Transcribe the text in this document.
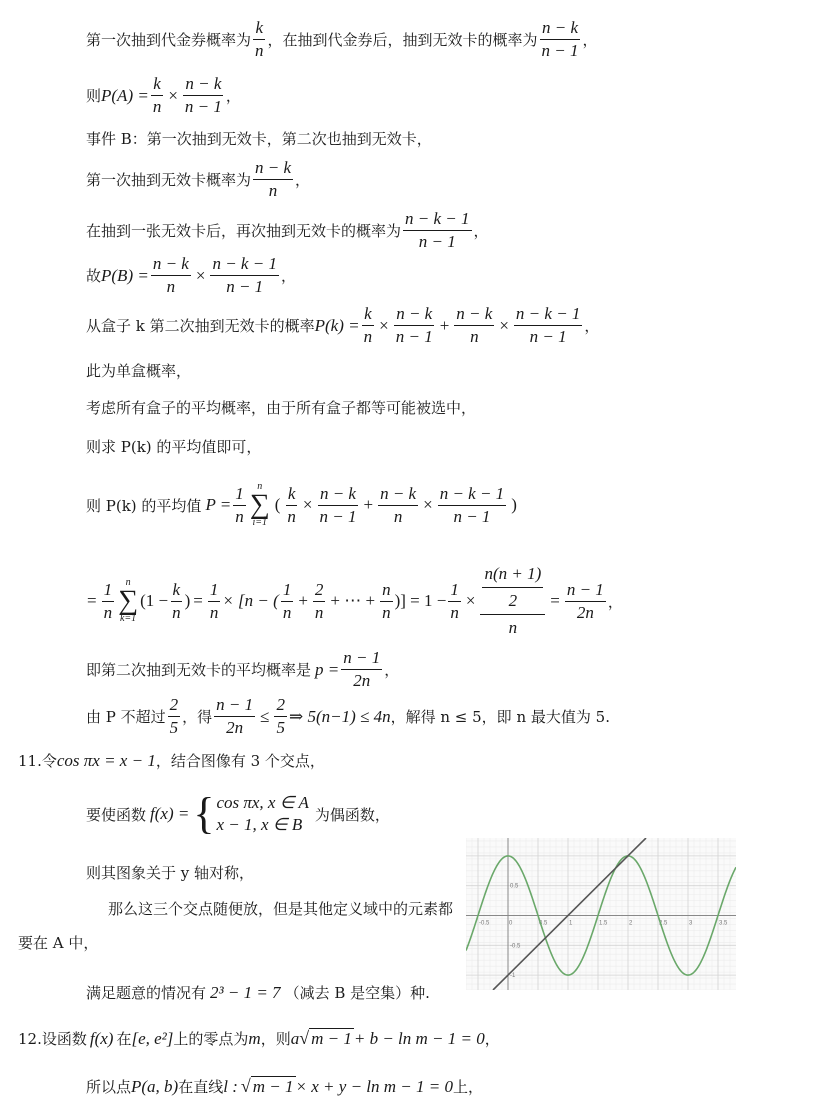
第一次抽到代金券概率为 $\frac{k}{n}$ ，在抽到代金券后，抽到无效卡的概率为 $\frac{n - k}{n - 1}$ ，
则 $P(A) = \frac{k}{n} \times \frac{n - k}{n - 1}$ ，
事件 B：第一次抽到无效卡，第二次也抽到无效卡，
第一次抽到无效卡概率为 $\frac{n - k}{n}$ ，
在抽到一张无效卡后，再次抽到无效卡的概率为 $\frac{n - k - 1}{n - 1}$ ，
故 $P(B) = \frac{n - k}{n} \times \frac{n - k - 1}{n - 1}$ ，
从盒子 k 第二次抽到无效卡的概率 $P(k) = \frac{k}{n} \times \frac{n - k}{n - 1} + \frac{n - k}{n} \times \frac{n - k - 1}{n - 1}$ ，
此为单盒概率，
考虑所有盒子的平均概率，由于所有盒子都等可能被选中，
则求 P(k) 的平均值即可，
则 P(k) 的平均值 $P = \frac{1}{n}$ n
∑
i=1
( $\frac{k}{n} \times \frac{n - k}{n - 1} + \frac{n - k}{n} \times \frac{n - k - 1}{n - 1}$ )
= $\frac{1}{n}$ n
∑
k=1
($1 - \frac{k}{n}$ ) = $\frac{1}{n} \times [n$ − ( $\frac{1}{n} + \frac{2}{n}$ + ⋯ + $\frac{n}{n}$ )] = $1 - \frac{1}{n} \times \frac{\frac{n(n + 1)}{2}}{n} = \frac{n - 1}{2n}$ ，
即第二次抽到无效卡的平均概率是 $p = \frac{n - 1}{2n}$ ，
由 P 不超过 $\frac{2}{5}$ ，得 $\frac{n - 1}{2n} \le \frac{2}{5}$ ⇒ 5(n−1) ≤ 4n ，解得 n ≤ 5，即 n 最大值为 5.
11.令 cos πx = x − 1 ，结合图像有 3 个交点，
要使函数 f(x) = { cos πx, x ∈ A
x − 1, x ∈ B
为偶函数，
则其图象关于 y 轴对称，
那么这三个交点随便放，但是其他定义域中的元素都
要在 A 中，
满足题意的情况有 2³ − 1 = 7 （减去 B 是空集）种.
-0.5	0	0.5	1	1.5	2	2.5	3	3.5
0.5
-0.5
-1
12.设函数 f(x) 在 [e, e²] 上的零点为 m ，则 a √ m − 1 + b − ln m − 1 = 0 ，
所以点 P(a, b) 在直线 l : √ m − 1 × x + y − ln m − 1 = 0 上，
